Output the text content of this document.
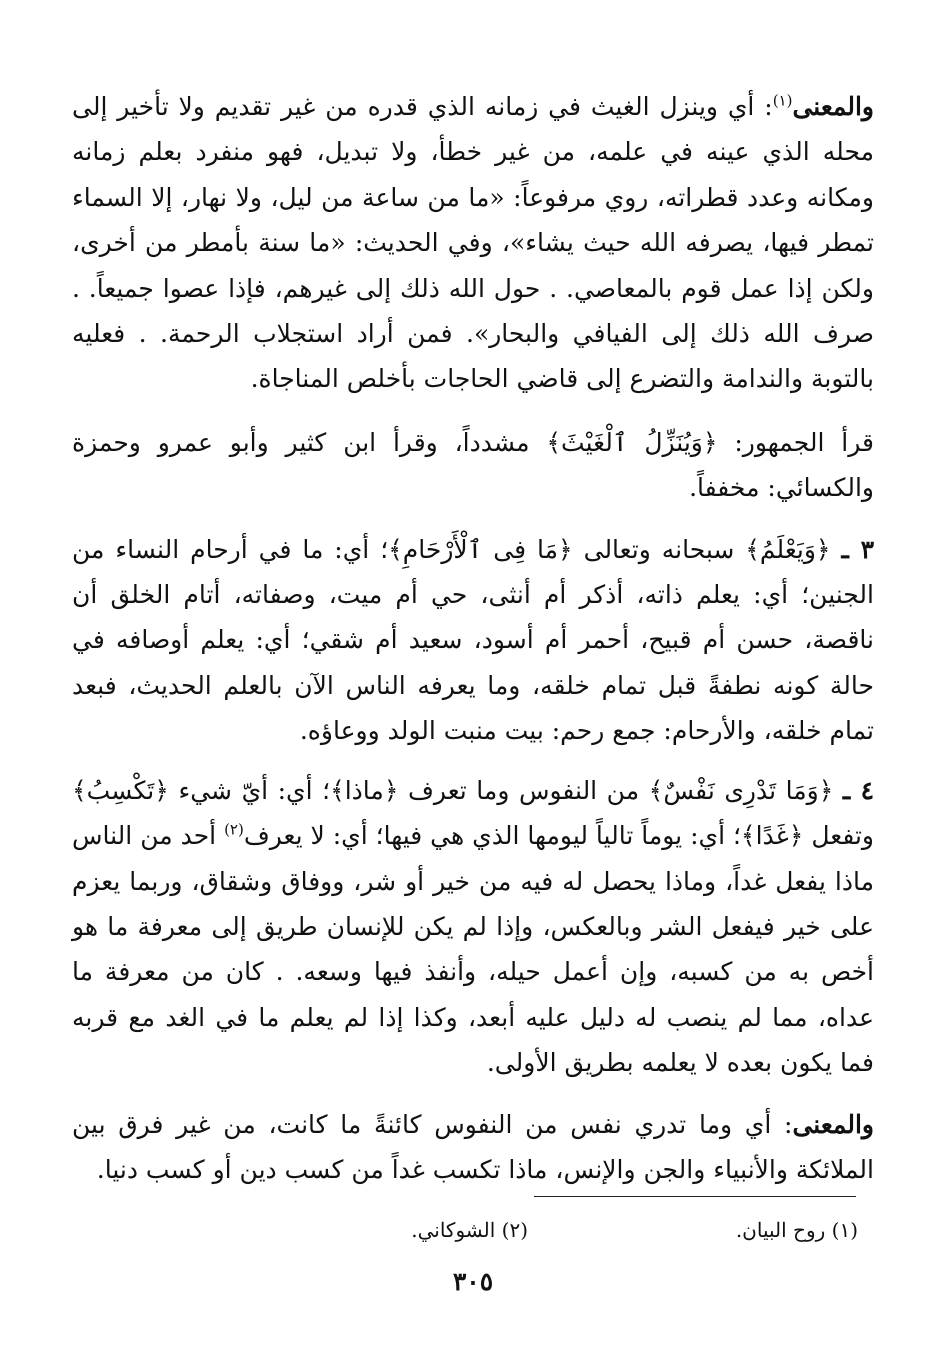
والمعنى$^{(١)}$: أي وينزل الغيث في زمانه الذي قدره من غير تقديم ولا تأخير إلى محله الذي عينه في علمه، من غير خطأ، ولا تبديل، فهو منفرد بعلم زمانه ومكانه وعدد قطراته، روي مرفوعاً: «ما من ساعة من ليل، ولا نهار، إلا السماء تمطر فيها، يصرفه الله حيث يشاء»، وفي الحديث: «ما سنة بأمطر من أخرى، ولكن إذا عمل قوم بالمعاصي. . حول الله ذلك إلى غيرهم، فإذا عصوا جميعاً. . صرف الله ذلك إلى الفيافي والبحار». فمن أراد استجلاب الرحمة. . فعليه بالتوبة والندامة والتضرع إلى قاضي الحاجات بأخلص المناجاة.

قرأ الجمهور: ﴿وَيُنَزِّلُ ٱلْغَيْثَ﴾ مشدداً، وقرأ ابن كثير وأبو عمرو وحمزة والكسائي: مخففاً.

٣ ـ ﴿وَيَعْلَمُ﴾ سبحانه وتعالى ﴿مَا فِى ٱلْأَرْحَامِ﴾؛ أي: ما في أرحام النساء من الجنين؛ أي: يعلم ذاته، أذكر أم أنثى، حي أم ميت، وصفاته، أتام الخلق أن ناقصة، حسن أم قبيح، أحمر أم أسود، سعيد أم شقي؛ أي: يعلم أوصافه في حالة كونه نطفةً قبل تمام خلقه، وما يعرفه الناس الآن بالعلم الحديث، فبعد تمام خلقه، والأرحام: جمع رحم: بيت منبت الولد ووعاؤه.

٤ ـ ﴿وَمَا تَدْرِى نَفْسٌ﴾ من النفوس وما تعرف ﴿ماذا﴾؛ أي: أيّ شيء ﴿تَكْسِبُ﴾ وتفعل ﴿غَدًا﴾؛ أي: يوماً تالياً ليومها الذي هي فيها؛ أي: لا يعرف$^{(٢)}$ أحد من الناس ماذا يفعل غداً، وماذا يحصل له فيه من خير أو شر، ووفاق وشقاق، وربما يعزم على خير فيفعل الشر وبالعكس، وإذا لم يكن للإنسان طريق إلى معرفة ما هو أخص به من كسبه، وإن أعمل حيله، وأنفذ فيها وسعه. . كان من معرفة ما عداه، مما لم ينصب له دليل عليه أبعد، وكذا إذا لم يعلم ما في الغد مع قربه فما يكون بعده لا يعلمه بطريق الأولى.

والمعنى: أي وما تدري نفس من النفوس كائنةً ما كانت، من غير فرق بين الملائكة والأنبياء والجن والإنس، ماذا تكسب غداً من كسب دين أو كسب دنيا.

(١) روح البيان.
(٢) الشوكاني.
٣٠٥
